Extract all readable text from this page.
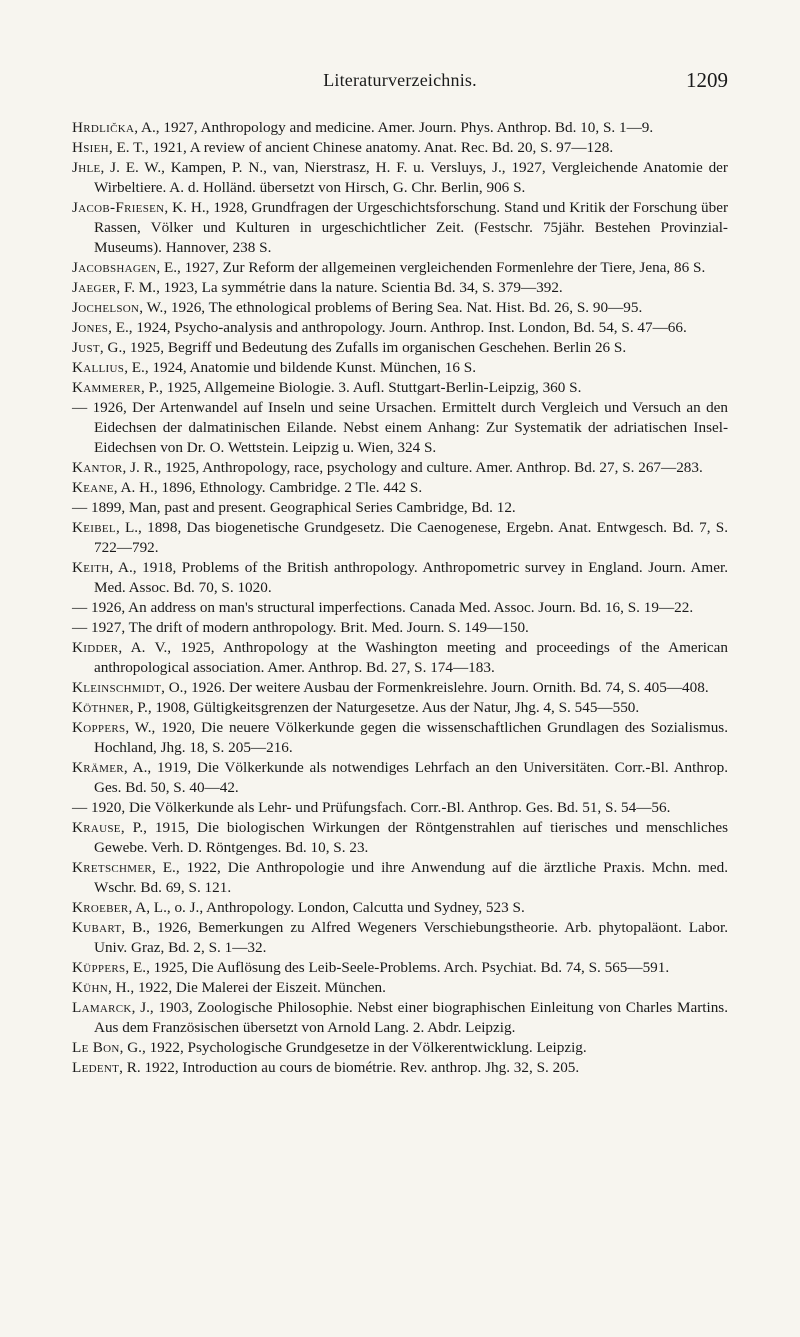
Literaturverzeichnis.	1209

Hrdlička, A., 1927, Anthropology and medicine. Amer. Journ. Phys. Anthrop. Bd. 10, S. 1—9.

Hsieh, E. T., 1921, A review of ancient Chinese anatomy. Anat. Rec. Bd. 20, S. 97—128.

Jhle, J. E. W., Kampen, P. N., van, Nierstrasz, H. F. u. Versluys, J., 1927, Vergleichende Anatomie der Wirbeltiere. A. d. Holländ. übersetzt von Hirsch, G. Chr. Berlin, 906 S.

Jacob-Friesen, K. H., 1928, Grundfragen der Urgeschichtsforschung. Stand und Kritik der Forschung über Rassen, Völker und Kulturen in urgeschichtlicher Zeit. (Festschr. 75jähr. Bestehen Provinzial-Museums). Hannover, 238 S.

Jacobshagen, E., 1927, Zur Reform der allgemeinen vergleichenden Formenlehre der Tiere, Jena, 86 S.

Jaeger, F. M., 1923, La symmétrie dans la nature. Scientia Bd. 34, S. 379—392.

Jochelson, W., 1926, The ethnological problems of Bering Sea. Nat. Hist. Bd. 26, S. 90—95.

Jones, E., 1924, Psycho-analysis and anthropology. Journ. Anthrop. Inst. London, Bd. 54, S. 47—66.

Just, G., 1925, Begriff und Bedeutung des Zufalls im organischen Geschehen. Berlin 26 S.

Kallius, E., 1924, Anatomie und bildende Kunst. München, 16 S.

Kammerer, P., 1925, Allgemeine Biologie. 3. Aufl. Stuttgart-Berlin-Leipzig, 360 S.

— 1926, Der Artenwandel auf Inseln und seine Ursachen. Ermittelt durch Vergleich und Versuch an den Eidechsen der dalmatinischen Eilande. Nebst einem Anhang: Zur Systematik der adriatischen Insel-Eidechsen von Dr. O. Wettstein. Leipzig u. Wien, 324 S.

Kantor, J. R., 1925, Anthropology, race, psychology and culture. Amer. Anthrop. Bd. 27, S. 267—283.

Keane, A. H., 1896, Ethnology. Cambridge. 2 Tle. 442 S.

— 1899, Man, past and present. Geographical Series Cambridge, Bd. 12.

Keibel, L., 1898, Das biogenetische Grundgesetz. Die Caenogenese, Ergebn. Anat. Entwgesch. Bd. 7, S. 722—792.

Keith, A., 1918, Problems of the British anthropology. Anthropometric survey in England. Journ. Amer. Med. Assoc. Bd. 70, S. 1020.

— 1926, An address on man's structural imperfections. Canada Med. Assoc. Journ. Bd. 16, S. 19—22.

— 1927, The drift of modern anthropology. Brit. Med. Journ. S. 149—150.

Kidder, A. V., 1925, Anthropology at the Washington meeting and proceedings of the American anthropological association. Amer. Anthrop. Bd. 27, S. 174—183.

Kleinschmidt, O., 1926. Der weitere Ausbau der Formenkreislehre. Journ. Ornith. Bd. 74, S. 405—408.

Köthner, P., 1908, Gültigkeitsgrenzen der Naturgesetze. Aus der Natur, Jhg. 4, S. 545—550.

Koppers, W., 1920, Die neuere Völkerkunde gegen die wissenschaftlichen Grundlagen des Sozialismus. Hochland, Jhg. 18, S. 205—216.

Krämer, A., 1919, Die Völkerkunde als notwendiges Lehrfach an den Universitäten. Corr.-Bl. Anthrop. Ges. Bd. 50, S. 40—42.

— 1920, Die Völkerkunde als Lehr- und Prüfungsfach. Corr.-Bl. Anthrop. Ges. Bd. 51, S. 54—56.

Krause, P., 1915, Die biologischen Wirkungen der Röntgenstrahlen auf tierisches und menschliches Gewebe. Verh. D. Röntgenges. Bd. 10, S. 23.

Kretschmer, E., 1922, Die Anthropologie und ihre Anwendung auf die ärztliche Praxis. Mchn. med. Wschr. Bd. 69, S. 121.

Kroeber, A, L., o. J., Anthropology. London, Calcutta und Sydney, 523 S.

Kubart, B., 1926, Bemerkungen zu Alfred Wegeners Verschiebungstheorie. Arb. phytopaläont. Labor. Univ. Graz, Bd. 2, S. 1—32.

Küppers, E., 1925, Die Auflösung des Leib-Seele-Problems. Arch. Psychiat. Bd. 74, S. 565—591.

Kühn, H., 1922, Die Malerei der Eiszeit. München.

Lamarck, J., 1903, Zoologische Philosophie. Nebst einer biographischen Einleitung von Charles Martins. Aus dem Französischen übersetzt von Arnold Lang. 2. Abdr. Leipzig.

Le Bon, G., 1922, Psychologische Grundgesetze in der Völkerentwicklung. Leipzig.

Ledent, R. 1922, Introduction au cours de biométrie. Rev. anthrop. Jhg. 32, S. 205.
